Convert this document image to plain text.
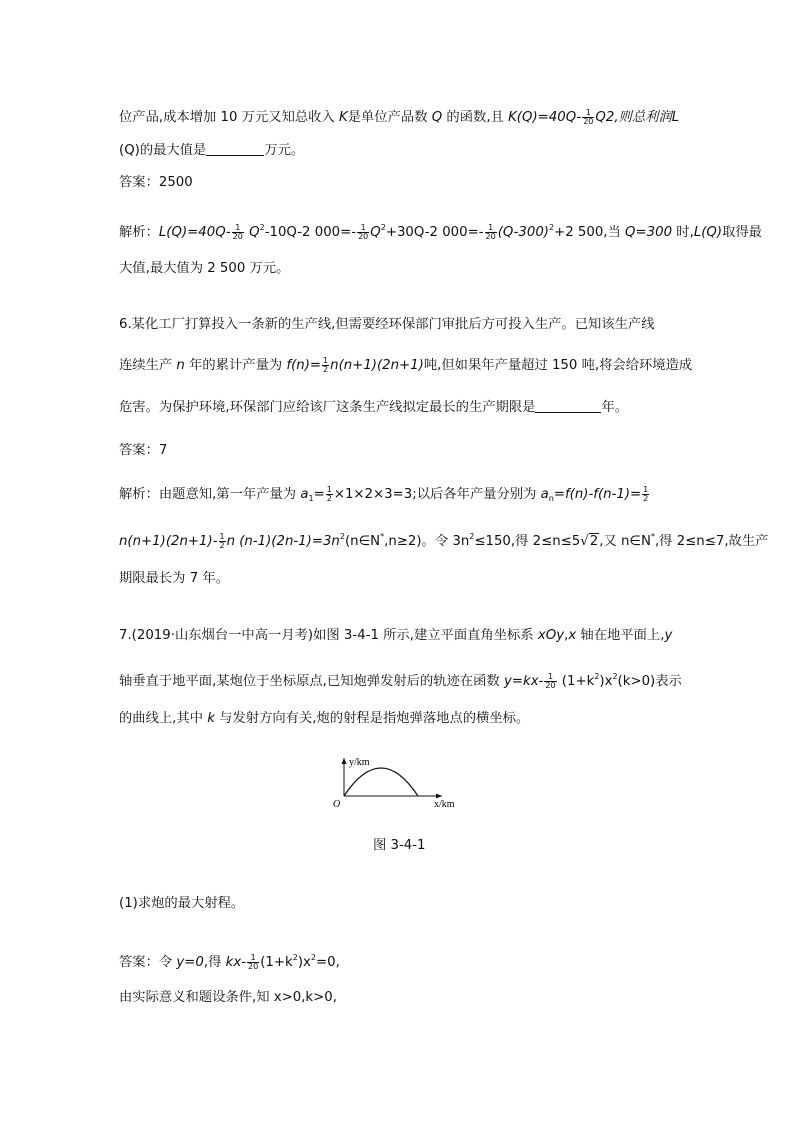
位产品,成本增加 10 万元又知总收入 K是单位产品数 Q 的函数,且 $K(Q)=40Q- \frac{1}{20} Q2$,则总利润L
(Q)的最大值是	万元。
答案：2500
解析：$L(Q)=40Q- \frac{1}{20} Q^2-10Q-2$ $000=- \frac{1}{20} Q^2+30Q-2$ $000=- \frac{1}{20} (Q-300)^2+2$ 500,当 Q=300 时,L(Q)取得最
大值,最大值为 2 500 万元。
6.某化工厂打算投入一条新的生产线,但需要经环保部门审批后方可投入生产。已知该生产线
连续生产 n 年的累计产量为 $f(n)= \frac{1}{2} n(n+1)(2n+1)$吨,但如果年产量超过 150 吨,将会给环境造成
危害。为保护环境,环保部门应给该厂这条生产线拟定最长的生产期限是	年。
答案：7
解析：由题意知,第一年产量为 $a_1= \frac{1}{2} \times 1\times 2\times 3=3$;以后各年产量分别为 $a_n=f(n)-f(n-1)= \frac{1}{2}$
$n(n+1)(2n+1)- \frac{1}{2}$ n $(n-1)(2n-1)=3n^2(n\in N^*,n\ge 2)$。令 $3n^2\le 150$,得 2≤n≤5√2,又 n∈N*,得 2≤n≤7,故生产
期限最长为 7 年。
7.(2019·山东烟台一中高一月考)如图 3-4-1 所示,建立平面直角坐标系 xOy,x 轴在地平面上,y
轴垂直于地平面,某炮位于坐标原点,已知炮弹发射后的轨迹在函数 $y=kx- \frac{1}{20} (1+k^2)x^2(k>0)$表示
的曲线上,其中 k 与发射方向有关,炮的射程是指炮弹落地点的横坐标。
y/km
x/km
O
图 3-4-1
(1)求炮的最大射程。
答案：令 y=0,得 $kx- \frac{1}{20} (1+k^2)x^2=0$,
由实际意义和题设条件,知 x>0,k>0,
